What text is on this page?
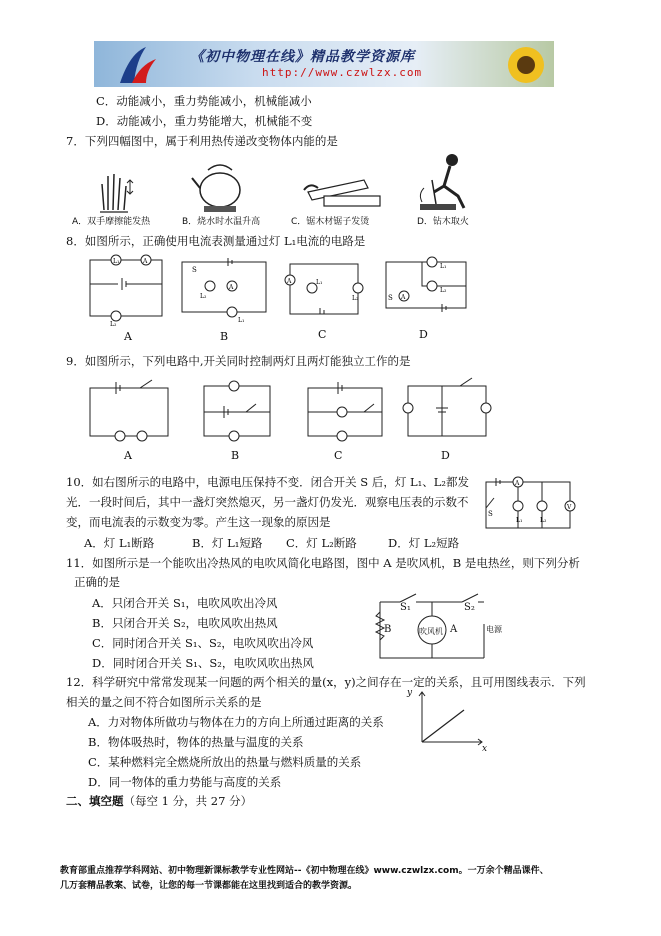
《初中物理在线》精品教学资源库
http://www.czwlzx.com
C．动能减小，重力势能减小，机械能减小
D．动能减小，重力势能增大，机械能不变
7．下列四幅图中，属于利用热传递改变物体内能的是
A．双手摩擦能发热	B．烧水时水温升高	C．锯木材锯子发烫	D．钻木取火
8．如图所示，正确使用电流表测量通过灯 L₁电流的电路是
L₁	A
L₂
S
L₂
A
L₁
A	L₁
L₂
L₁
L₂
A
S
A	B	C	D
9．如图所示，下列电路中,开关同时控制两灯且两灯能独立工作的是
A	B	C	D
10．如右图所示的电路中，电源电压保持不变．闭合开关 S 后，灯 L₁、L₂都发
光．一段时间后，其中一盏灯突然熄灭，另一盏灯仍发光．观察电压表的示数不
变，而电流表的示数变为零。产生这一现象的原因是
A．灯 L₁断路	B．灯 L₁短路 C．灯 L₂断路	D．灯 L₂短路
A
L₁	L₂
V
S
11．如图所示是一个能吹出冷热风的电吹风简化电路图，图中 A 是吹风机，B 是电热丝，则下列分析
正确的是
A．只闭合开关 S₁，电吹风吹出冷风
B．只闭合开关 S₂，电吹风吹出热风
C．同时闭合开关 S₁、S₂，电吹风吹出冷风
D．同时闭合开关 S₁、S₂，电吹风吹出热风
S₁	S₂
B	吹风机 A	电源
12．科学研究中常常发现某一问题的两个相关的量(x，y)之间存在一定的关系，且可用图线表示．下列
相关的量之间不符合如图所示关系的是
A．力对物体所做功与物体在力的方向上所通过距离的关系
B．物体吸热时，物体的热量与温度的关系
C．某种燃料完全燃烧所放出的热量与燃料质量的关系
D．同一物体的重力势能与高度的关系
y
x
二、填空题（每空 1 分，共 27 分）
教育部重点推荐学科网站、初中物理新课标教学专业性网站--《初中物理在线》www.czwlzx.com。一万余个精品课件、
几万套精品教案、试卷，让您的每一节课都能在这里找到适合的教学资源。
